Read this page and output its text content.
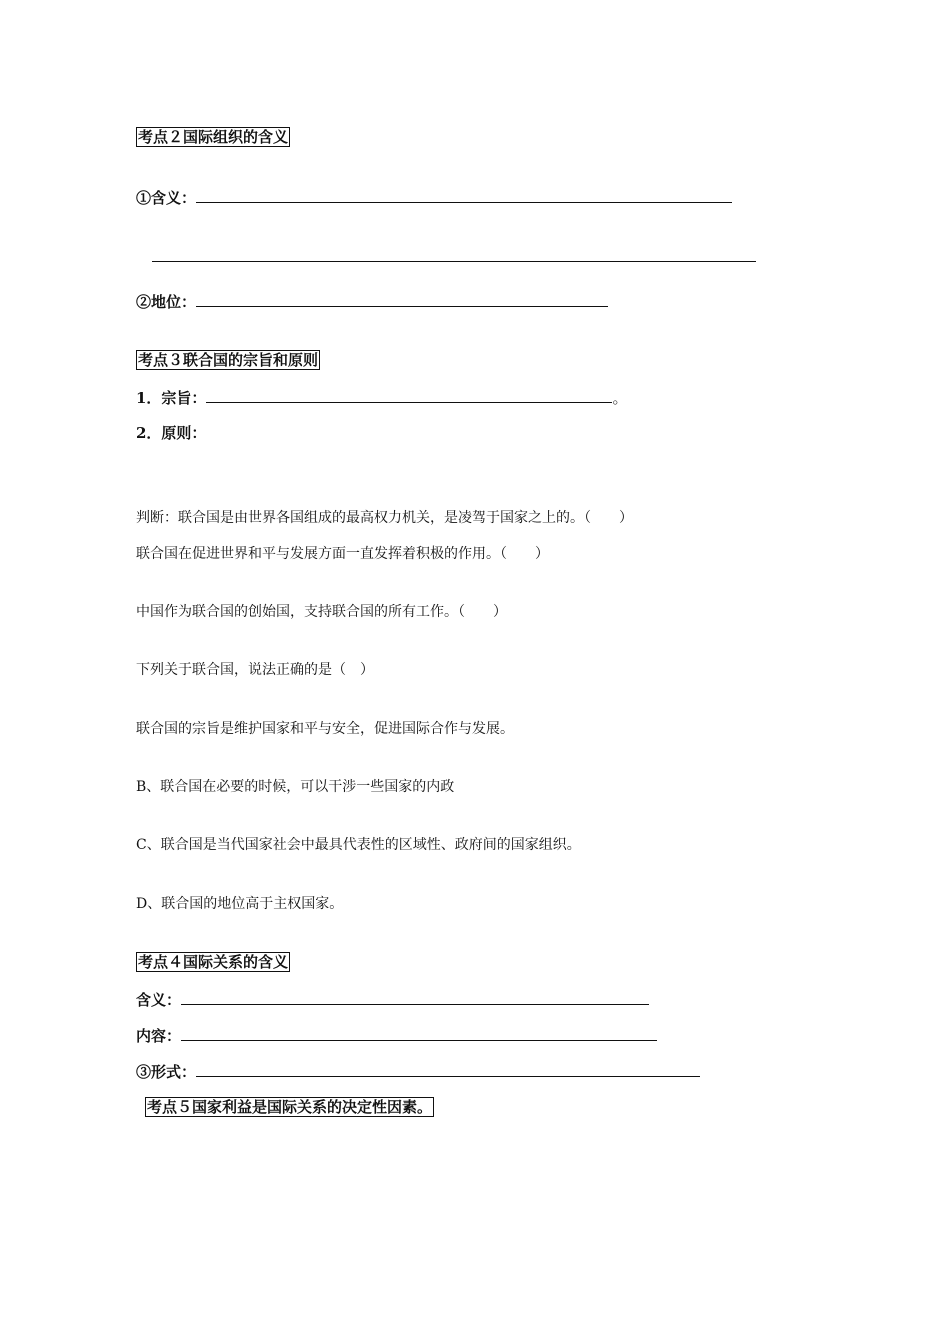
考点２国际组织的含义
①含义：
②地位：
考点３联合国的宗旨和原则
1．宗旨：	。
2．原则：
判断：联合国是由世界各国组成的最高权力机关，是凌驾于国家之上的。（　　）
联合国在促进世界和平与发展方面一直发挥着积极的作用。（　　）
中国作为联合国的创始国，支持联合国的所有工作。（　　）
下列关于联合国，说法正确的是（　）
联合国的宗旨是维护国家和平与安全，促进国际合作与发展。
B、联合国在必要的时候，可以干涉一些国家的内政
C、联合国是当代国家社会中最具代表性的区域性、政府间的国家组织。
D、联合国的地位高于主权国家。
考点４国际关系的含义
含义：
内容：
③形式：
考点５国家利益是国际关系的决定性因素。
